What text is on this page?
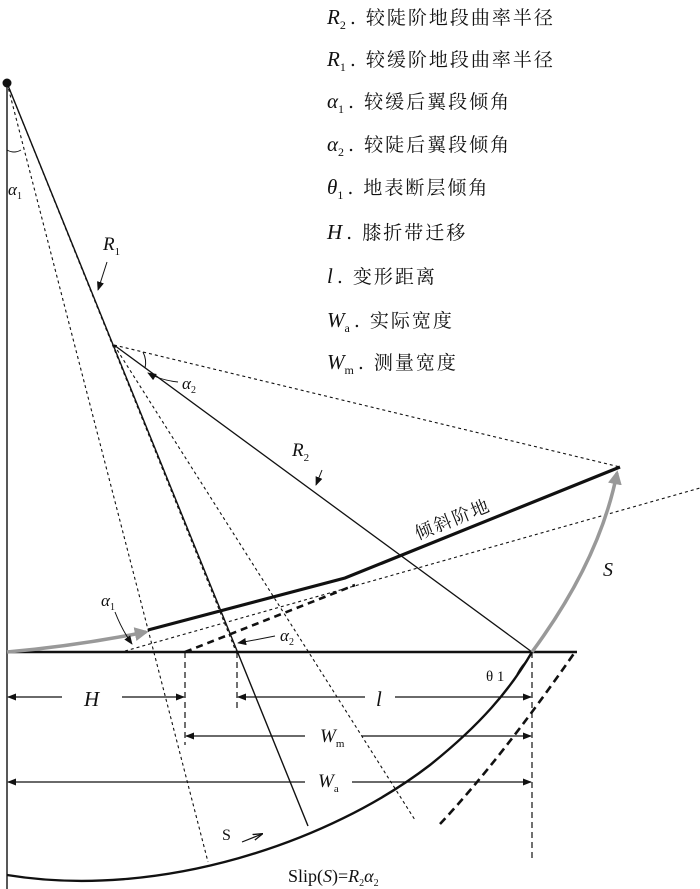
$\alpha_1$
$R_1$
$\alpha_2$
$R_2$
倾斜阶地
S
$\alpha_1$
$\alpha_2$
θ 1
H	l
$W_m$
$W_a$
S
$Slip(S)=R_2\alpha_2$
$R_2$ . 较陡阶地段曲率半径
$R_1$ . 较缓阶地段曲率半径
$\alpha_1$ . 较缓后翼段倾角
$\alpha_2$ . 较陡后翼段倾角
$\theta_1$ . 地表断层倾角
H . 膝折带迁移
l . 变形距离
$W_a$ . 实际宽度
$W_m$ . 测量宽度
